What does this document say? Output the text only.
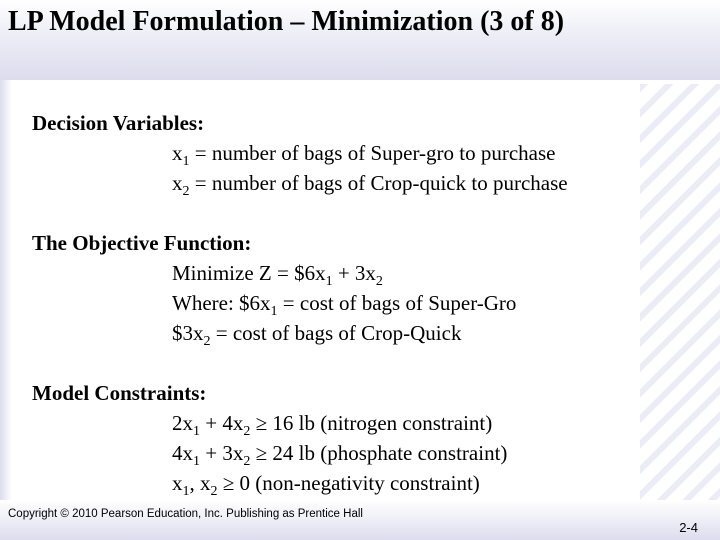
LP Model Formulation – Minimization (3 of 8)
Decision Variables:
$x_1$ = number of bags of Super-gro to purchase
$x_2$ = number of bags of Crop-quick to purchase
The Objective Function:
Minimize $Z = \$6x_1 + 3x_2$
Where: $\$6x_1 = \cos t$ of bags of Super-Gro
$\$3x_2 = \cos t$ of bags of Crop-Quick
Model Constraints:
$2x_1 + 4x_2 \ge 16$ lb (nitrogen constraint)
$4x_1 + 3x_2 \ge 24$ lb (phosphate constraint)
$x_1$, $x_2 \ge 0$ (non-negativity constraint)
Copyright © 2010 Pearson Education, Inc. Publishing as Prentice Hall
2-4
